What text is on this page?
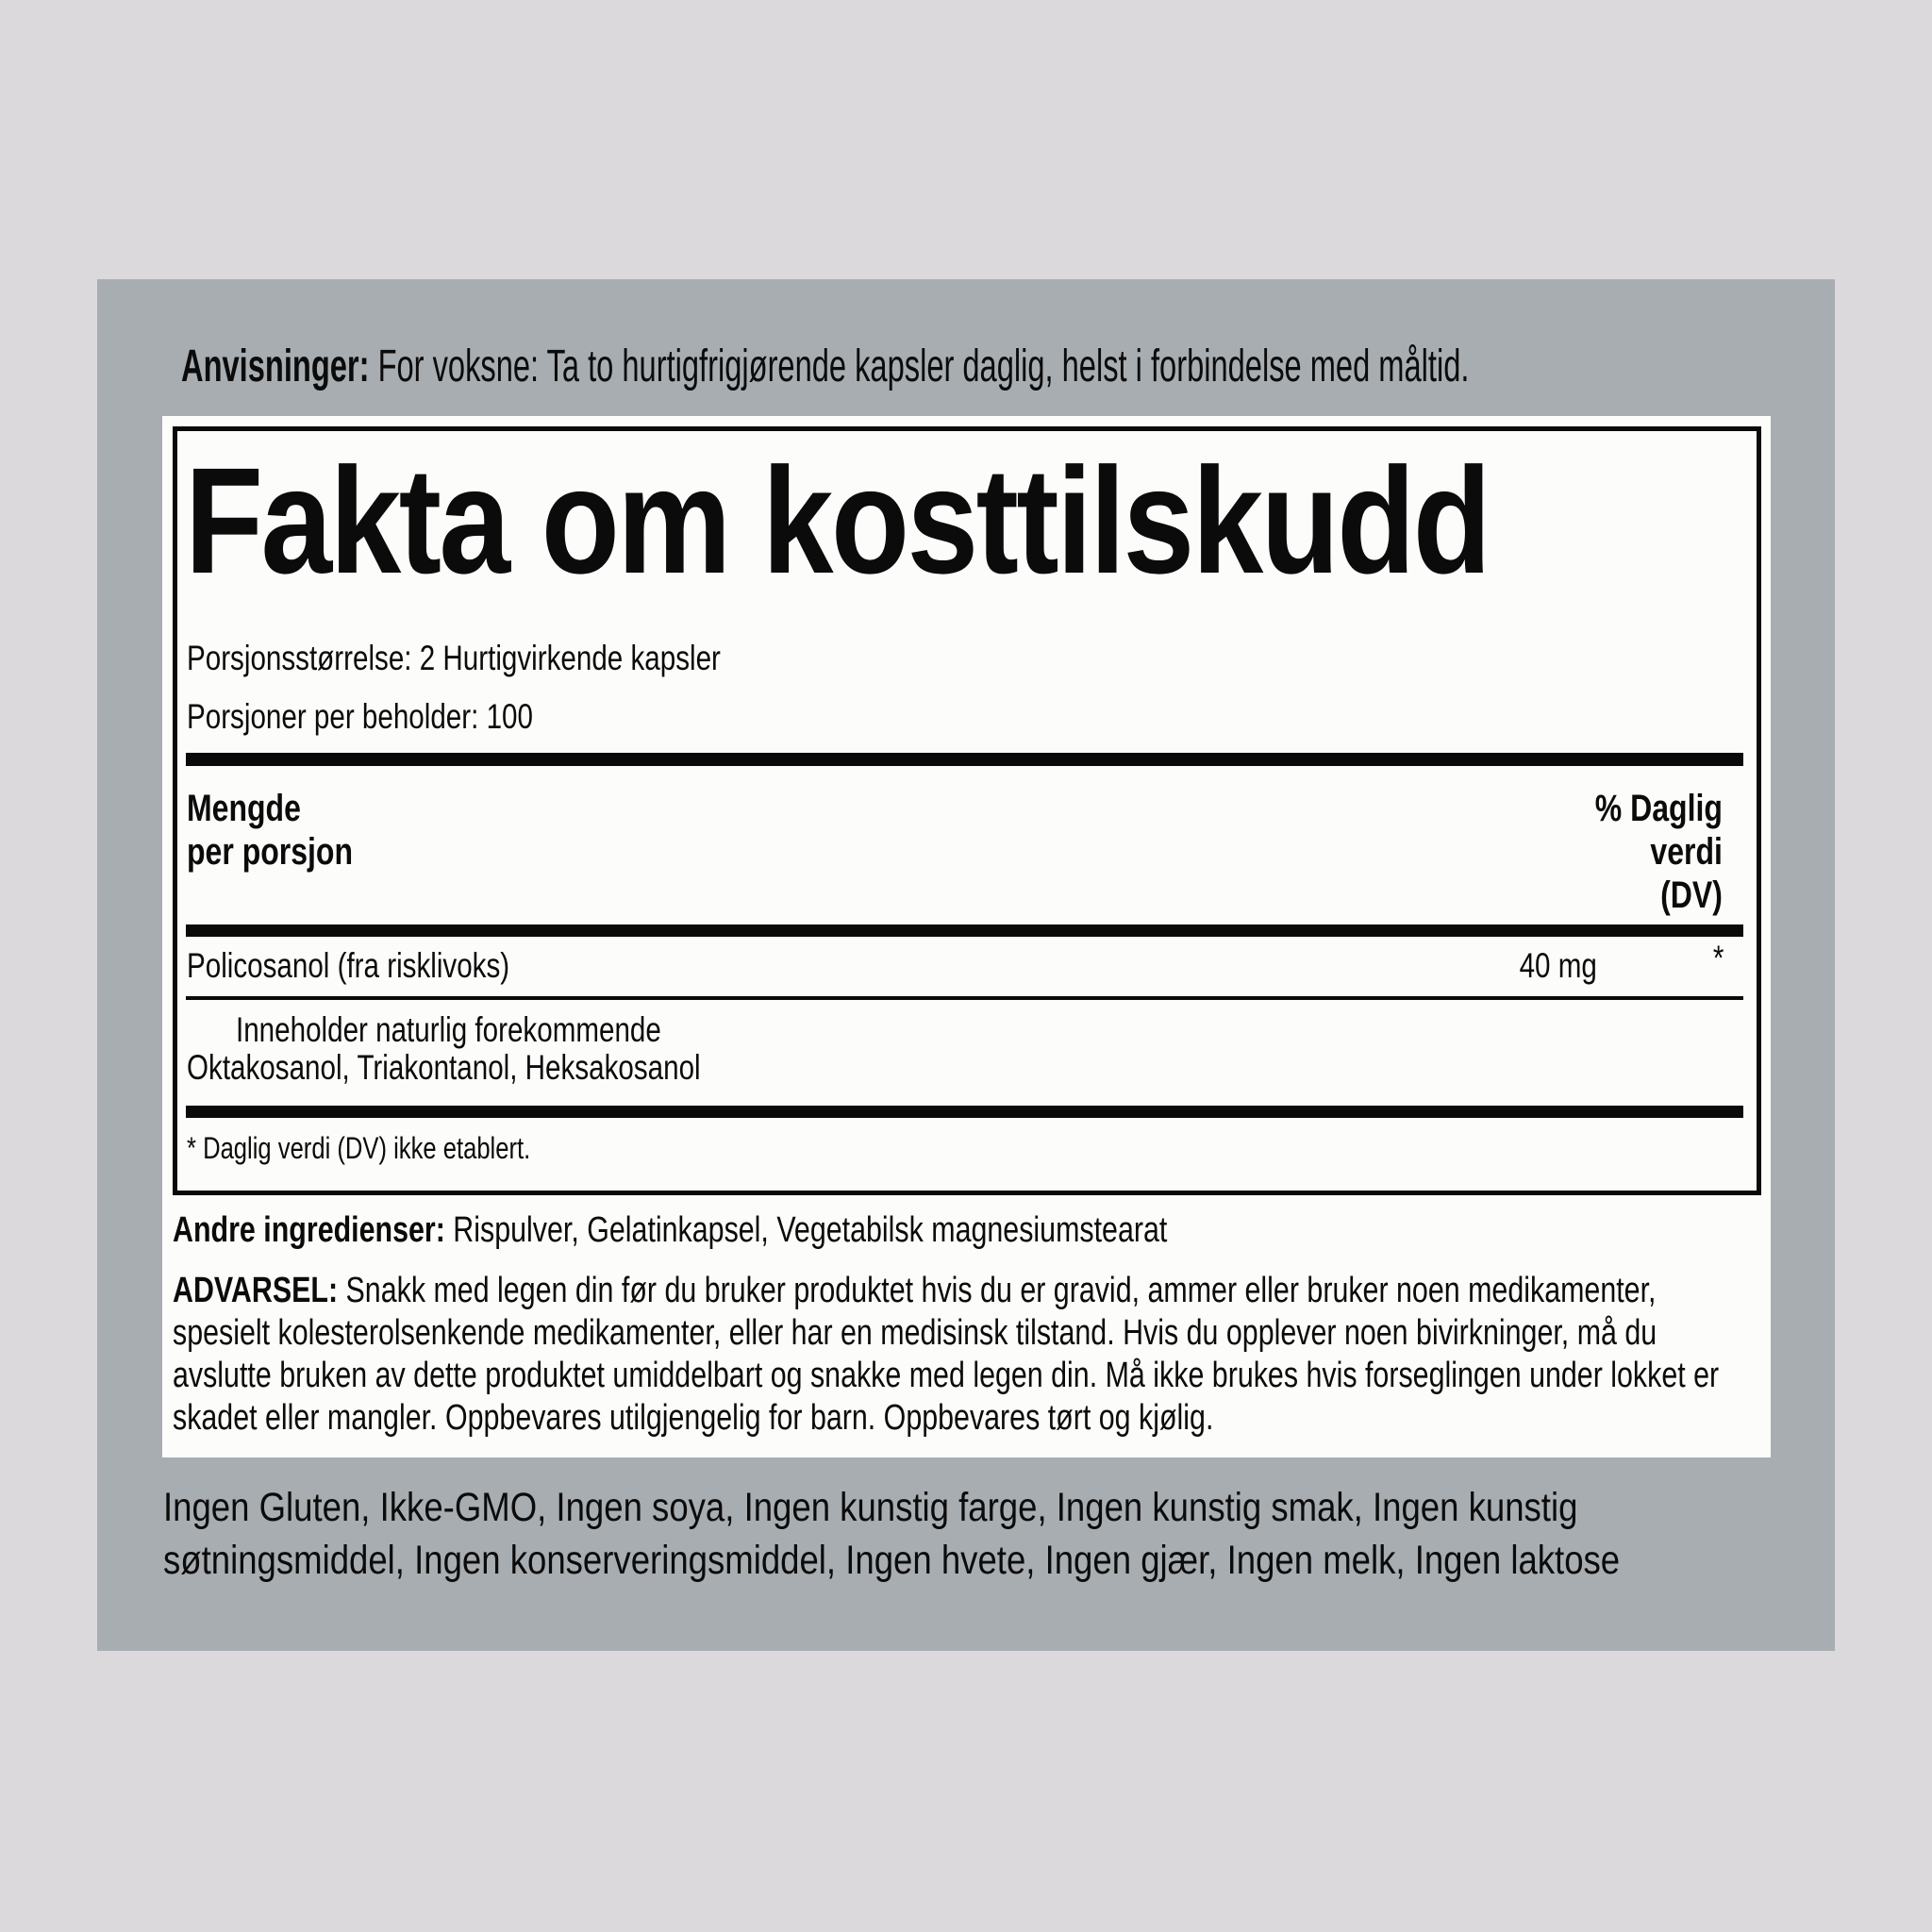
Anvisninger: For voksne: Ta to hurtigfrigjørende kapsler daglig, helst i forbindelse med måltid.
Fakta om kosttilskudd
Porsjonsstørrelse: 2 Hurtigvirkende kapsler
Porsjoner per beholder: 100
Mengde
per porsjon
% Daglig
verdi
(DV)
Policosanol (fra risklivoks)	40 mg	*
Inneholder naturlig forekommende
Oktakosanol, Triakontanol, Heksakosanol
* Daglig verdi (DV) ikke etablert.
Andre ingredienser: Rispulver, Gelatinkapsel, Vegetabilsk magnesiumstearat
ADVARSEL: Snakk med legen din før du bruker produktet hvis du er gravid, ammer eller bruker noen medikamenter, spesielt kolesterolsenkende medikamenter, eller har en medisinsk tilstand. Hvis du opplever noen bivirkninger, må du avslutte bruken av dette produktet umiddelbart og snakke med legen din. Må ikke brukes hvis forseglingen under lokket er skadet eller mangler. Oppbevares utilgjengelig for barn. Oppbevares tørt og kjølig.
Ingen Gluten, Ikke-GMO, Ingen soya, Ingen kunstig farge, Ingen kunstig smak, Ingen kunstig søtningsmiddel, Ingen konserveringsmiddel, Ingen hvete, Ingen gjær, Ingen melk, Ingen laktose
